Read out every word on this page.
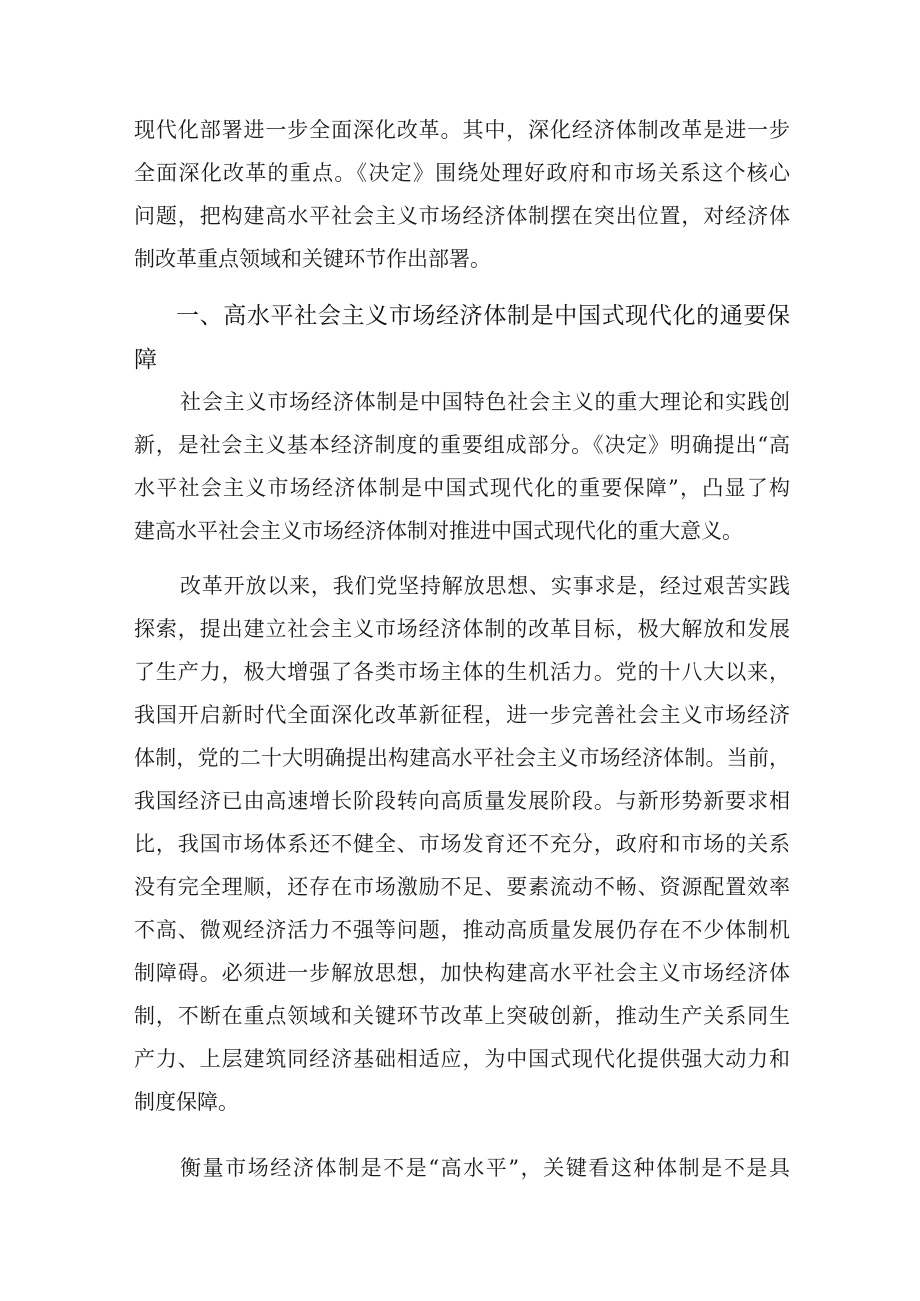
现代化部署进一步全面深化改革。其中，深化经济体制改革是进一步
全面深化改革的重点。《决定》围绕处理好政府和市场关系这个核心
问题，把构建高水平社会主义市场经济体制摆在突出位置，对经济体
制改革重点领域和关键环节作出部署。
一、高水平社会主义市场经济体制是中国式现代化的通要保
障
社会主义市场经济体制是中国特色社会主义的重大理论和实践创
新，是社会主义基本经济制度的重要组成部分。《决定》明确提出“高
水平社会主义市场经济体制是中国式现代化的重要保障”，凸显了构
建高水平社会主义市场经济体制对推进中国式现代化的重大意义。
改革开放以来，我们党坚持解放思想、实事求是，经过艰苦实践
探索，提出建立社会主义市场经济体制的改革目标，极大解放和发展
了生产力，极大增强了各类市场主体的生机活力。党的十八大以来，
我国开启新时代全面深化改革新征程，进一步完善社会主义市场经济
体制，党的二十大明确提出构建高水平社会主义市场经济体制。当前，
我国经济已由高速增长阶段转向高质量发展阶段。与新形势新要求相
比，我国市场体系还不健全、市场发育还不充分，政府和市场的关系
没有完全理顺，还存在市场激励不足、要素流动不畅、资源配置效率
不高、微观经济活力不强等问题，推动高质量发展仍存在不少体制机
制障碍。必须进一步解放思想，加快构建高水平社会主义市场经济体
制，不断在重点领域和关键环节改革上突破创新，推动生产关系同生
产力、上层建筑同经济基础相适应，为中国式现代化提供强大动力和
制度保障。
衡量市场经济体制是不是“高水平”，关键看这种体制是不是具
